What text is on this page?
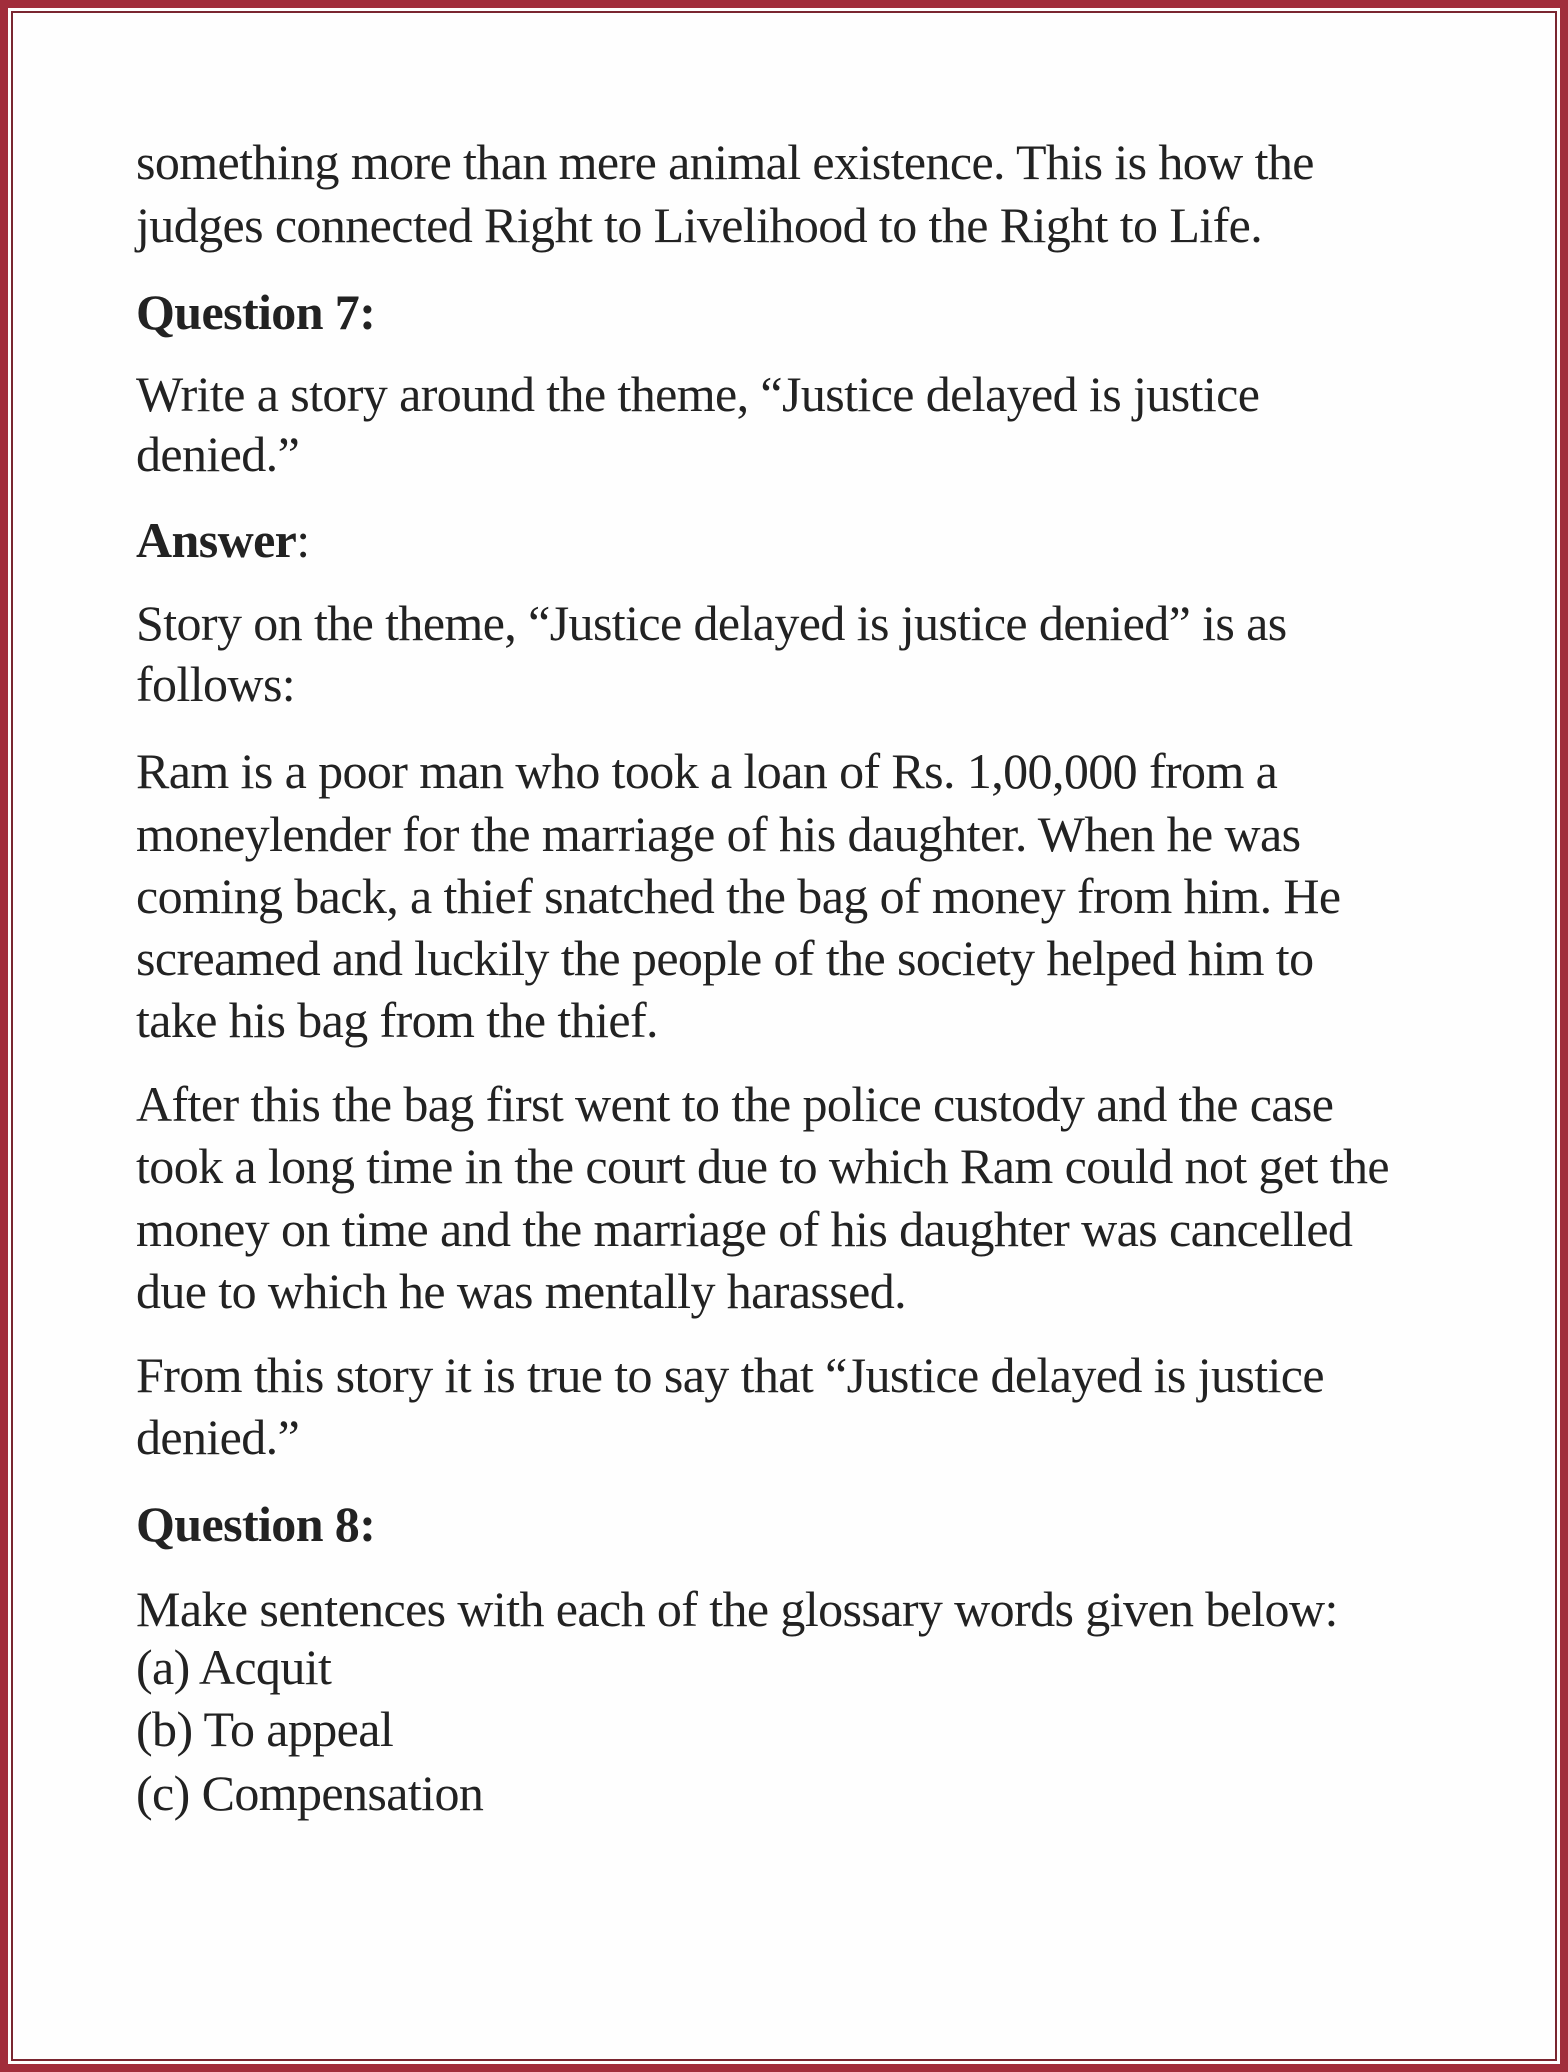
something more than mere animal existence. This is how the
judges connected Right to Livelihood to the Right to Life.
Question 7:
Write a story around the theme, “Justice delayed is justice
denied.”
Answer:
Story on the theme, “Justice delayed is justice denied” is as
follows:
Ram is a poor man who took a loan of Rs. 1,00,000 from a
moneylender for the marriage of his daughter. When he was
coming back, a thief snatched the bag of money from him. He
screamed and luckily the people of the society helped him to
take his bag from the thief.
After this the bag first went to the police custody and the case
took a long time in the court due to which Ram could not get the
money on time and the marriage of his daughter was cancelled
due to which he was mentally harassed.
From this story it is true to say that “Justice delayed is justice
denied.”
Question 8:
Make sentences with each of the glossary words given below:
(a) Acquit
(b) To appeal
(c) Compensation
